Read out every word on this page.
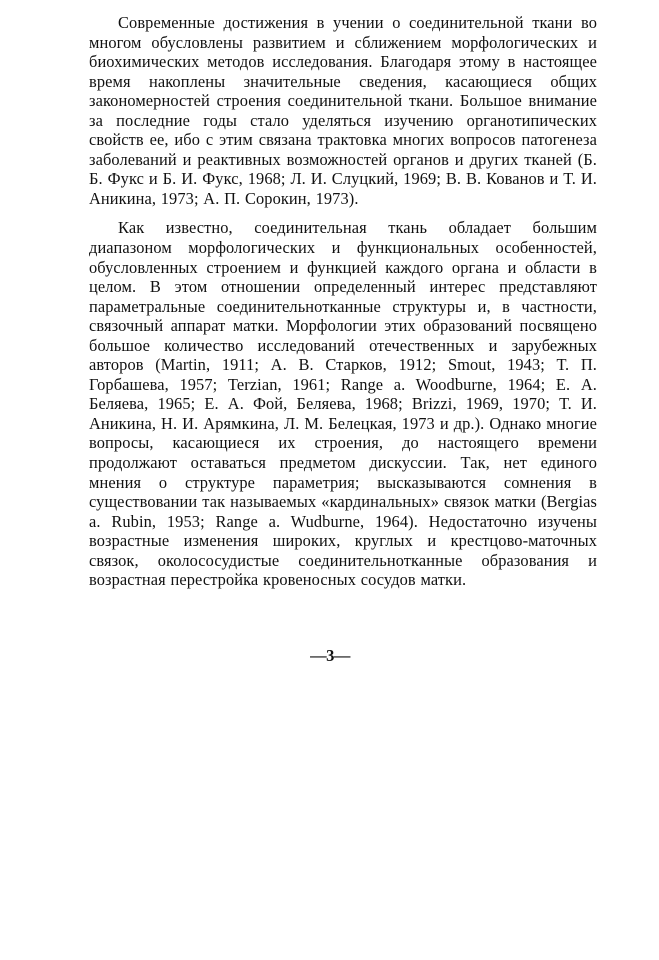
Современные достижения в учении о соединительной ткани во многом обусловлены развитием и сближением морфологических и биохимических методов исследования. Благодаря этому в настоящее время накоплены значительные сведения, касающиеся общих закономерностей строения соединительной ткани. Большое внимание за последние годы стало уделяться изучению органотипических свойств ее, ибо с этим связана трактовка многих вопросов патогенеза заболеваний и реактивных возможностей органов и других тканей (Б. Б. Фукс и Б. И. Фукс, 1968; Л. И. Слуцкий, 1969; В. В. Кованов и Т. И. Аникина, 1973; А. П. Сорокин, 1973).

Как известно, соединительная ткань обладает большим диапазоном морфологических и функциональных особенностей, обусловленных строением и функцией каждого органа и области в целом. В этом отношении определенный интерес представляют параметральные соединительнотканные структуры и, в частности, связочный аппарат матки. Морфологии этих образований посвящено большое количество исследований отечественных и зарубежных авторов (Martin, 1911; А. В. Старков, 1912; Smout, 1943; Т. П. Горбашева, 1957; Terzian, 1961; Range a. Woodburne, 1964; Е. А. Беляева, 1965; Е. А. Фой, Беляева, 1968; Brizzi, 1969, 1970; Т. И. Аникина, Н. И. Арямкина, Л. М. Белецкая, 1973 и др.). Однако многие вопросы, касающиеся их строения, до настоящего времени продолжают оставаться предметом дискуссии. Так, нет единого мнения о структуре параметрия; высказываются сомнения в существовании так называемых «кардинальных» связок матки (Bergias a. Rubin, 1953; Range a. Wudburne, 1964). Недостаточно изучены возрастные изменения широких, круглых и крестцово-маточных связок, околососудистые соединительнотканные образования и возрастная перестройка кровеносных сосудов матки.

—3—
